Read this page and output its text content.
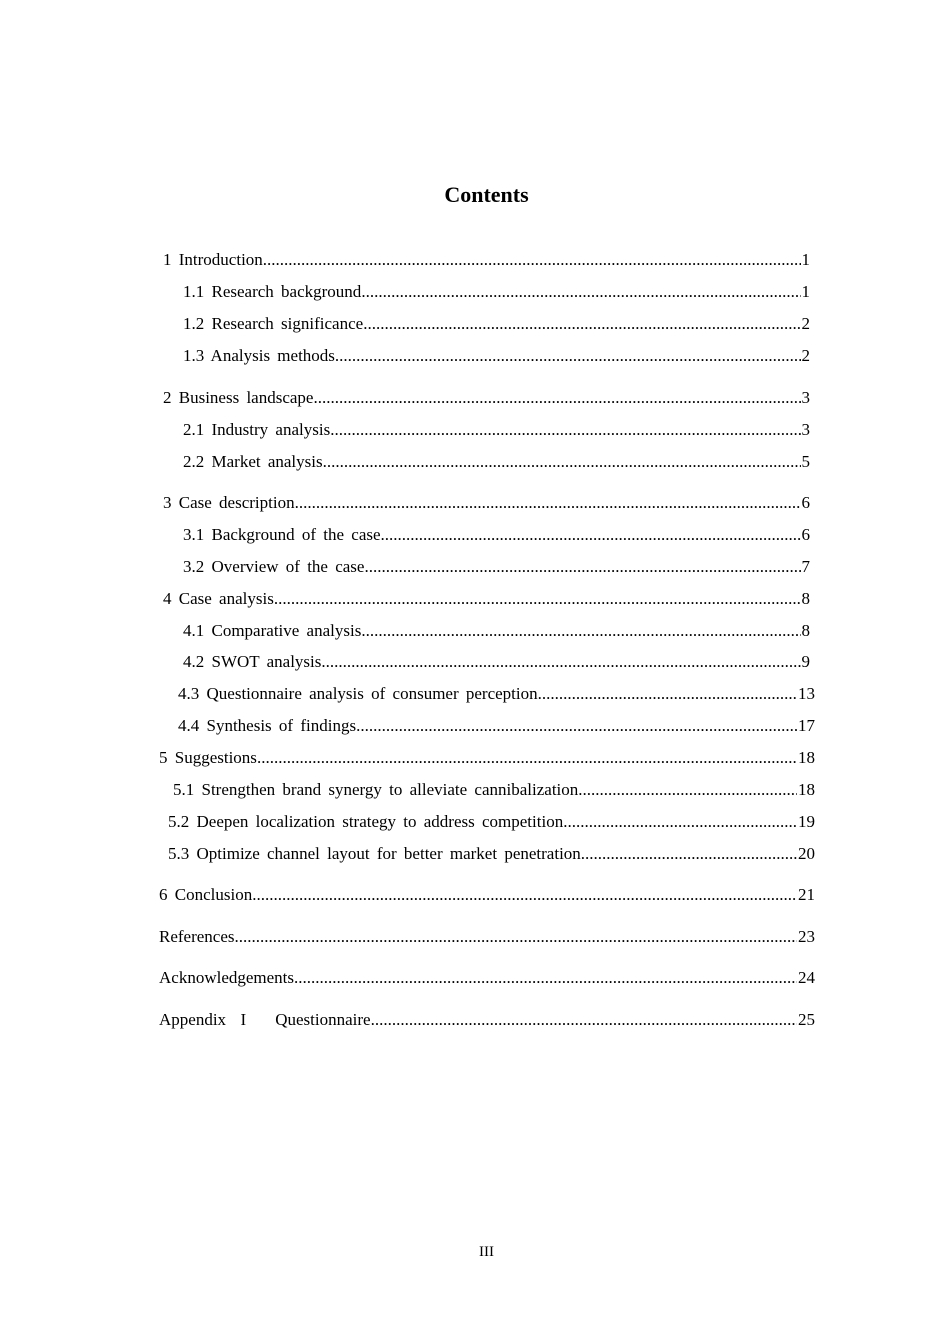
Contents
1 Introduction .....	1
1.1 Research background .....	1
1.2 Research significance .....	2
1.3 Analysis methods .....	2
2 Business landscape .....	3
2.1 Industry analysis .....	3
2.2 Market analysis .....	5
3 Case description .....	6
3.1 Background of the case .....	6
3.2 Overview of the case .....	7
4 Case analysis .....	8
4.1 Comparative analysis .....	8
4.2 SWOT analysis .....	9
4.3 Questionnaire analysis of consumer perception .....	13
4.4 Synthesis of findings .....	17
5 Suggestions .....	18
5.1 Strengthen brand synergy to alleviate cannibalization .....	18
5.2 Deepen localization strategy to address competition .....	19
5.3 Optimize channel layout for better market penetration .....	20
6 Conclusion .....	21
References .....	23
Acknowledgements .....	24
Appendix  I    Questionnaire .....	25
III
